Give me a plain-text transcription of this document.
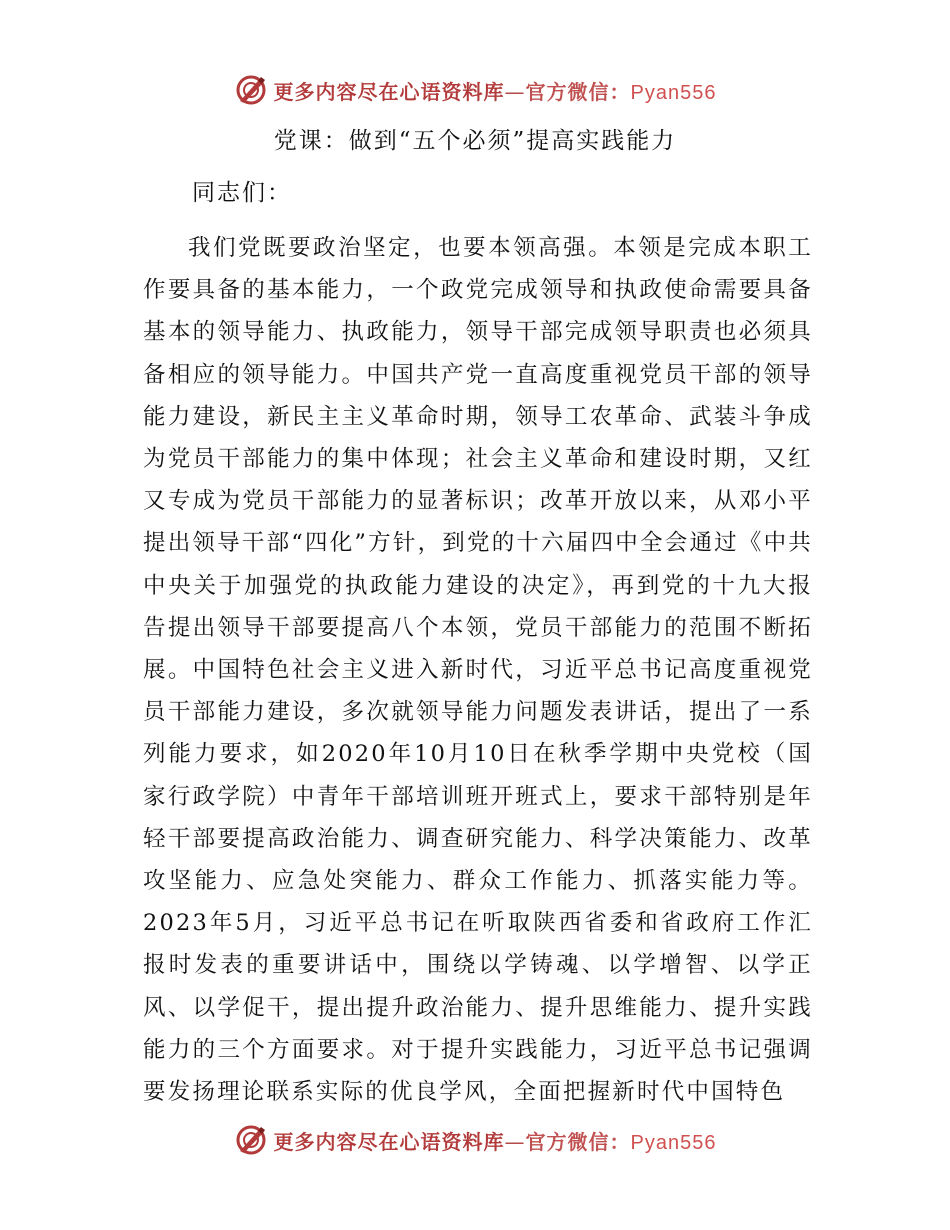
更多内容尽在心语资料库—官方微信：Pyan556
党课：做到“五个必须”提高实践能力
同志们：

我们党既要政治坚定，也要本领高强。本领是完成本职工作要具备的基本能力，一个政党完成领导和执政使命需要具备基本的领导能力、执政能力，领导干部完成领导职责也必须具备相应的领导能力。中国共产党一直高度重视党员干部的领导能力建设，新民主主义革命时期，领导工农革命、武装斗争成为党员干部能力的集中体现；社会主义革命和建设时期，又红又专成为党员干部能力的显著标识；改革开放以来，从邓小平提出领导干部“四化”方针，到党的十六届四中全会通过《中共中央关于加强党的执政能力建设的决定》，再到党的十九大报告提出领导干部要提高八个本领，党员干部能力的范围不断拓展。中国特色社会主义进入新时代，习近平总书记高度重视党员干部能力建设，多次就领导能力问题发表讲话，提出了一系列能力要求，如2020年10月10日在秋季学期中央党校（国家行政学院）中青年干部培训班开班式上，要求干部特别是年轻干部要提高政治能力、调查研究能力、科学决策能力、改革攻坚能力、应急处突能力、群众工作能力、抓落实能力等。2023年5月，习近平总书记在听取陕西省委和省政府工作汇报时发表的重要讲话中，围绕以学铸魂、以学增智、以学正风、以学促干，提出提升政治能力、提升思维能力、提升实践能力的三个方面要求。对于提升实践能力，习近平总书记强调要发扬理论联系实际的优良学风，全面把握新时代中国特色

更多内容尽在心语资料库—官方微信：Pyan556
